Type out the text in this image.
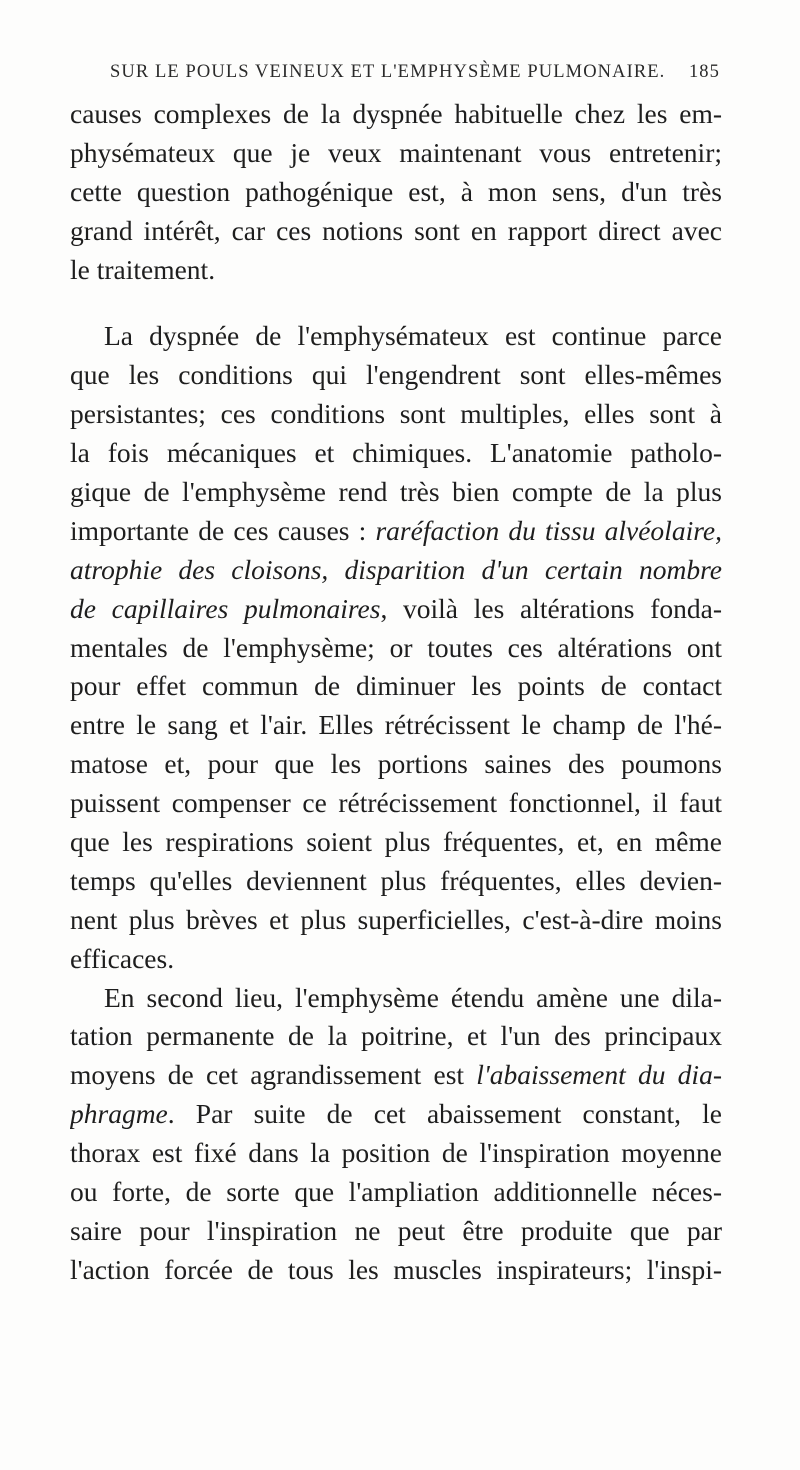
SUR LE POULS VEINEUX ET L'EMPHYSÈME PULMONAIRE. 185
causes complexes de la dyspnée habituelle chez les em-
physémateux que je veux maintenant vous entretenir;
cette question pathogénique est, à mon sens, d'un très
grand intérêt, car ces notions sont en rapport direct avec
le traitement.
La dyspnée de l'emphysémateux est continue parce
que les conditions qui l'engendrent sont elles-mêmes
persistantes; ces conditions sont multiples, elles sont à
la fois mécaniques et chimiques. L'anatomie patholo-
gique de l'emphysème rend très bien compte de la plus
importante de ces causes : raréfaction du tissu alvéolaire,
atrophie des cloisons, disparition d'un certain nombre
de capillaires pulmonaires, voilà les altérations fonda-
mentales de l'emphysème; or toutes ces altérations ont
pour effet commun de diminuer les points de contact
entre le sang et l'air. Elles rétrécissent le champ de l'hé-
matose et, pour que les portions saines des poumons
puissent compenser ce rétrécissement fonctionnel, il faut
que les respirations soient plus fréquentes, et, en même
temps qu'elles deviennent plus fréquentes, elles devien-
nent plus brèves et plus superficielles, c'est-à-dire moins
efficaces.
En second lieu, l'emphysème étendu amène une dila-
tation permanente de la poitrine, et l'un des principaux
moyens de cet agrandissement est l'abaissement du dia-
phragme. Par suite de cet abaissement constant, le
thorax est fixé dans la position de l'inspiration moyenne
ou forte, de sorte que l'ampliation additionnelle néces-
saire pour l'inspiration ne peut être produite que par
l'action forcée de tous les muscles inspirateurs; l'inspi-
